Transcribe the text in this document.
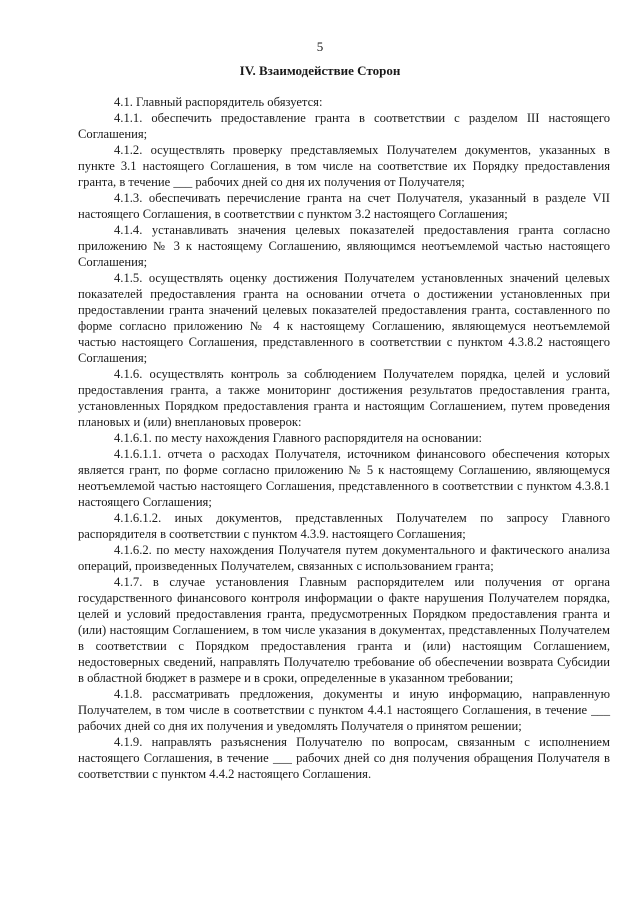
5
IV. Взаимодействие Сторон

4.1. Главный распорядитель обязуется:

4.1.1. обеспечить предоставление гранта в соответствии с разделом III настоящего Соглашения;

4.1.2. осуществлять проверку представляемых Получателем документов, указанных в пункте 3.1 настоящего Соглашения, в том числе на соответствие их Порядку предоставления гранта, в течение ___ рабочих дней со дня их получения от Получателя;

4.1.3. обеспечивать перечисление гранта на счет Получателя, указанный в разделе VII настоящего Соглашения, в соответствии с пунктом 3.2 настоящего Соглашения;

4.1.4. устанавливать значения целевых показателей предоставления гранта согласно приложению № 3 к настоящему Соглашению, являющимся неотъемлемой частью настоящего Соглашения;

4.1.5. осуществлять оценку достижения Получателем установленных значений целевых показателей предоставления гранта на основании отчета о достижении установленных при предоставлении гранта значений целевых показателей предоставления гранта, составленного по форме согласно приложению № 4 к настоящему Соглашению, являющемуся неотъемлемой частью настоящего Соглашения, представленного в соответствии с пунктом 4.3.8.2 настоящего Соглашения;

4.1.6. осуществлять контроль за соблюдением Получателем порядка, целей и условий предоставления гранта, а также мониторинг достижения результатов предоставления гранта, установленных Порядком предоставления гранта и настоящим Соглашением, путем проведения плановых и (или) внеплановых проверок:

4.1.6.1. по месту нахождения Главного распорядителя на основании:

4.1.6.1.1. отчета о расходах Получателя, источником финансового обеспечения которых является грант, по форме согласно приложению № 5 к настоящему Соглашению, являющемуся неотъемлемой частью настоящего Соглашения, представленного в соответствии с пунктом 4.3.8.1 настоящего Соглашения;

4.1.6.1.2. иных документов, представленных Получателем по запросу Главного распорядителя в соответствии с пунктом 4.3.9. настоящего Соглашения;

4.1.6.2. по месту нахождения Получателя путем документального и фактического анализа операций, произведенных Получателем, связанных с использованием гранта;

4.1.7. в случае установления Главным распорядителем или получения от органа государственного финансового контроля информации о факте нарушения Получателем порядка, целей и условий предоставления гранта, предусмотренных Порядком предоставления гранта и (или) настоящим Соглашением, в том числе указания в документах, представленных Получателем в соответствии с Порядком предоставления гранта и (или) настоящим Соглашением, недостоверных сведений, направлять Получателю требование об обеспечении возврата Субсидии в областной бюджет в размере и в сроки, определенные в указанном требовании;

4.1.8. рассматривать предложения, документы и иную информацию, направленную Получателем, в том числе в соответствии с пунктом 4.4.1 настоящего Соглашения, в течение ___ рабочих дней со дня их получения и уведомлять Получателя о принятом решении;

4.1.9. направлять разъяснения Получателю по вопросам, связанным с исполнением настоящего Соглашения, в течение ___ рабочих дней со дня получения обращения Получателя в соответствии с пунктом 4.4.2 настоящего Соглашения.
